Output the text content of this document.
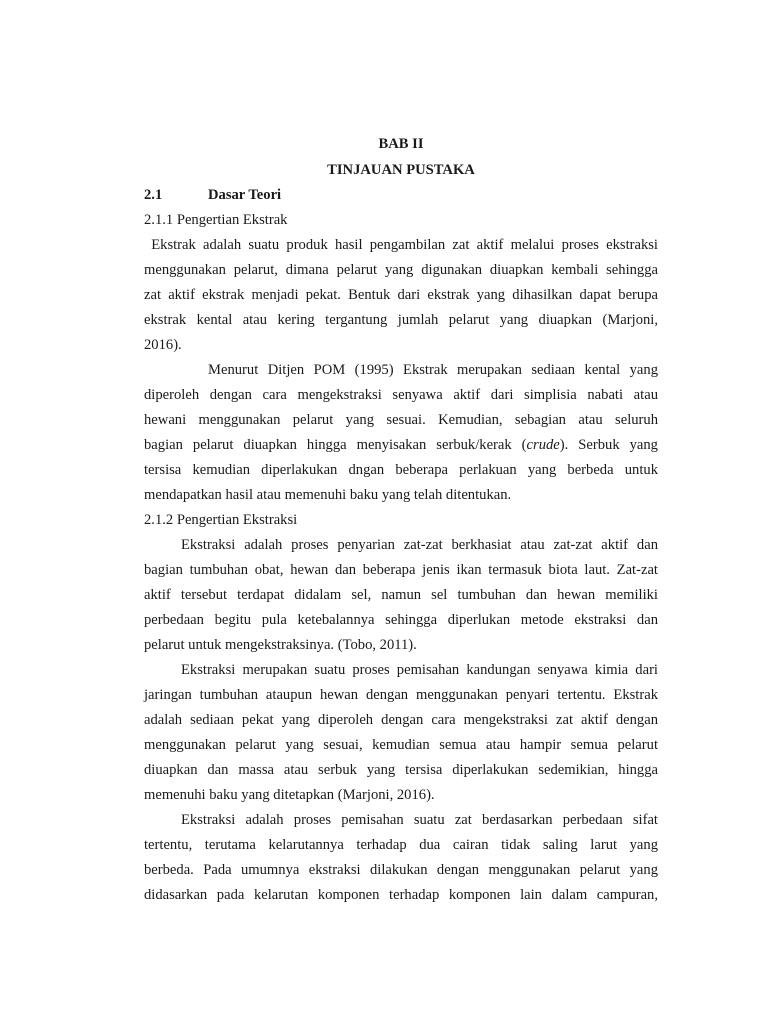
BAB II
TINJAUAN PUSTAKA
2.1	Dasar Teori
2.1.1 Pengertian Ekstrak
Ekstrak adalah suatu produk hasil pengambilan zat aktif melalui proses ekstraksi
menggunakan pelarut, dimana pelarut yang digunakan diuapkan kembali sehingga
zat aktif ekstrak menjadi pekat. Bentuk dari ekstrak yang dihasilkan dapat berupa
ekstrak kental atau kering tergantung jumlah pelarut yang diuapkan (Marjoni,
2016).
Menurut Ditjen POM (1995) Ekstrak merupakan sediaan kental yang
diperoleh dengan cara mengekstraksi senyawa aktif dari simplisia nabati atau
hewani menggunakan pelarut yang sesuai. Kemudian, sebagian atau seluruh
bagian pelarut diuapkan hingga menyisakan serbuk/kerak (crude). Serbuk yang
tersisa kemudian diperlakukan dngan beberapa perlakuan yang berbeda untuk
mendapatkan hasil atau memenuhi baku yang telah ditentukan.
2.1.2 Pengertian Ekstraksi
Ekstraksi adalah proses penyarian zat-zat berkhasiat atau zat-zat aktif dan
bagian tumbuhan obat, hewan dan beberapa jenis ikan termasuk biota laut. Zat-zat
aktif tersebut terdapat didalam sel, namun sel tumbuhan dan hewan memiliki
perbedaan begitu pula ketebalannya sehingga diperlukan metode ekstraksi dan
pelarut untuk mengekstraksinya. (Tobo, 2011).
Ekstraksi merupakan suatu proses pemisahan kandungan senyawa kimia dari
jaringan tumbuhan ataupun hewan dengan menggunakan penyari tertentu. Ekstrak
adalah sediaan pekat yang diperoleh dengan cara mengekstraksi zat aktif dengan
menggunakan pelarut yang sesuai, kemudian semua atau hampir semua pelarut
diuapkan dan massa atau serbuk yang tersisa diperlakukan sedemikian, hingga
memenuhi baku yang ditetapkan (Marjoni, 2016).
Ekstraksi adalah proses pemisahan suatu zat berdasarkan perbedaan sifat
tertentu, terutama kelarutannya terhadap dua cairan tidak saling larut yang
berbeda. Pada umumnya ekstraksi dilakukan dengan menggunakan pelarut yang
didasarkan pada kelarutan komponen terhadap komponen lain dalam campuran,
